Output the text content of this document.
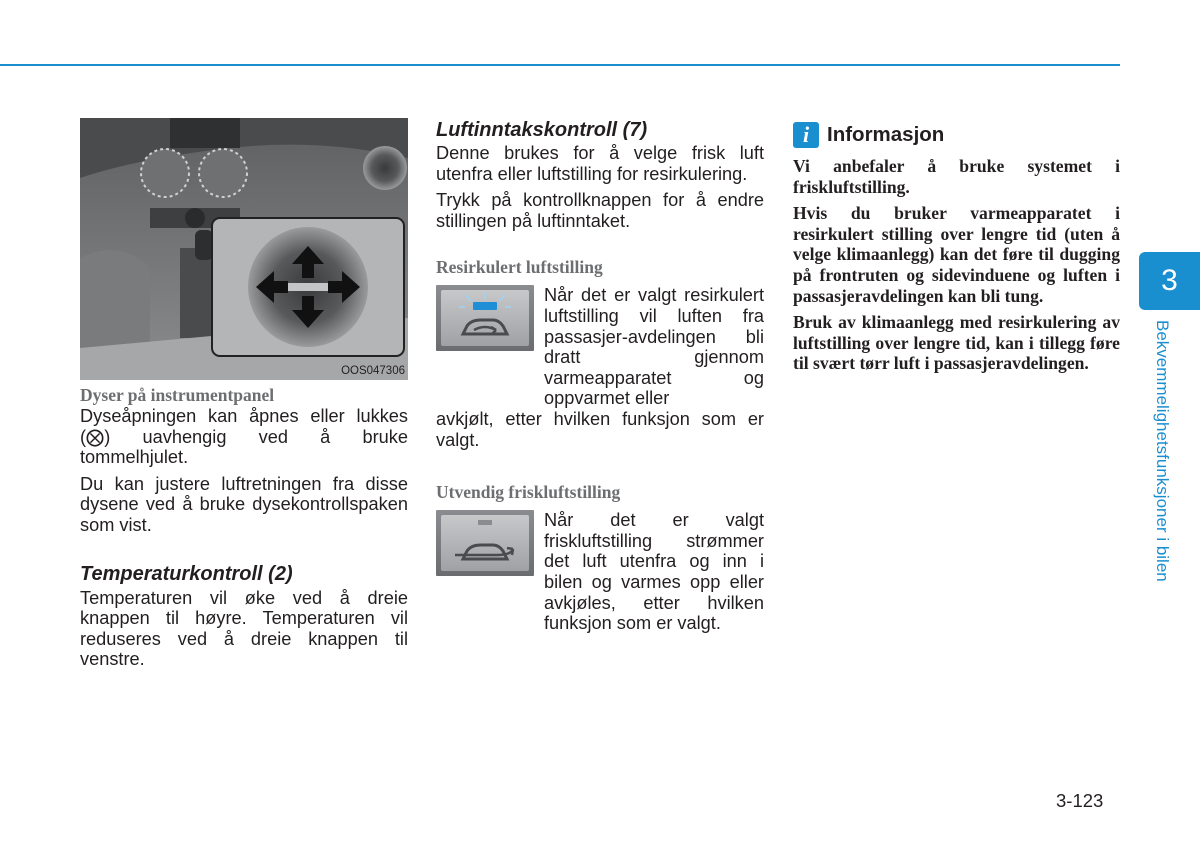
OOS047306
Dyser på instrumentpanel

Dyseåpningen kan åpnes eller lukkes (⨂) uavhengig ved å bruke tommelhjulet.

Du kan justere luftretningen fra disse dysene ved å bruke dysekontrollspaken som vist.

Temperaturkontroll (2)

Temperaturen vil øke ved å dreie knappen til høyre. Temperaturen vil reduseres ved å dreie knappen til venstre.

Luftinntakskontroll (7)

Denne brukes for å velge frisk luft utenfra eller luftstilling for resirkulering.

Trykk på kontrollknappen for å endre stillingen på luftinntaket.

Resirkulert luftstilling

Når det er valgt resirkulert luftstilling vil luften fra passasjer-avdelingen bli dratt gjennom varmeapparatet og oppvarmet eller

avkjølt, etter hvilken funksjon som er valgt.

Utvendig friskluftstilling

Når det er valgt friskluftstilling strømmer det luft utenfra og inn i bilen og varmes opp eller avkjøles, etter hvilken funksjon som er valgt.

i Informasjon

Vi anbefaler å bruke systemet i friskluftstilling.

Hvis du bruker varmeapparatet i resirkulert stilling over lengre tid (uten å velge klimaanlegg) kan det føre til dugging på frontruten og sidevinduene og luften i passasjeravdelingen kan bli tung.

Bruk av klimaanlegg med resirkulering av luftstilling over lengre tid, kan i tillegg føre til svært tørr luft i passasjeravdelingen.

3
Bekvemmelighetsfunksjoner i bilen
3-123
